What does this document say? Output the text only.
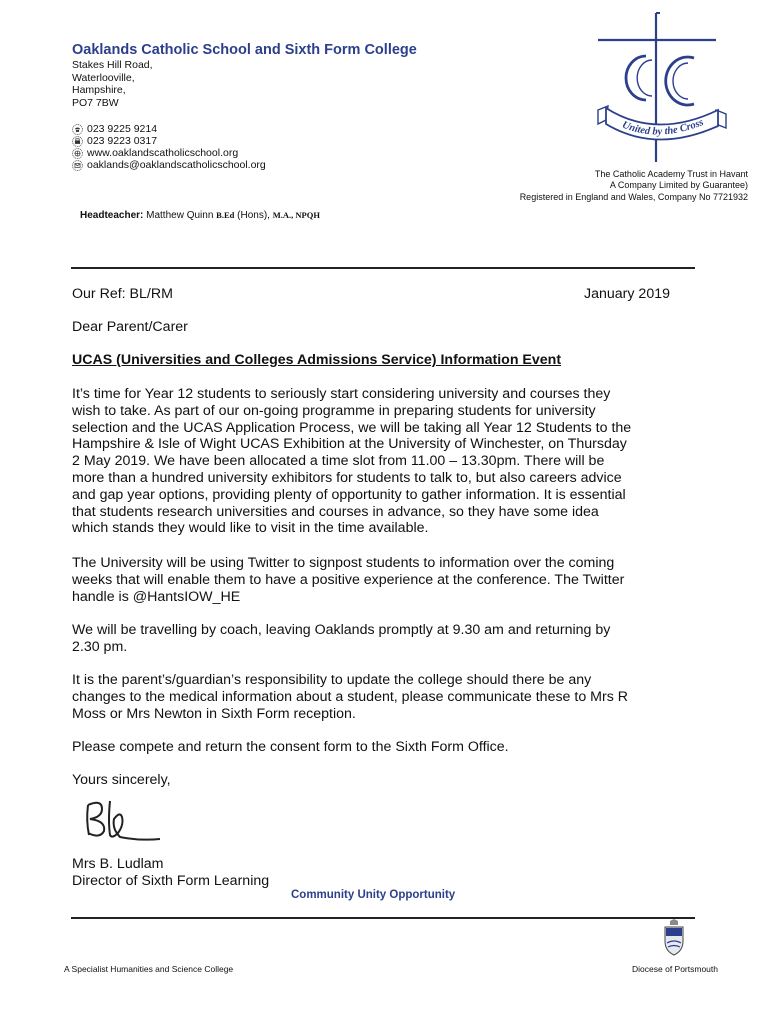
Oaklands Catholic School and Sixth Form College
Stakes Hill Road,
Waterlooville,
Hampshire,
PO7 7BW
023 9225 9214
023 9223 0317
www.oaklandscatholicschool.org
oaklands@oaklandscatholicschool.org
United by the Cross
The Catholic Academy Trust in Havant
A Company Limited by Guarantee)
Registered in England and Wales, Company No 7721932
Headteacher: Matthew Quinn B.Ed (Hons), M.A., NPQH
Our Ref: BL/RM	January 2019
Dear Parent/Carer
UCAS (Universities and Colleges Admissions Service) Information Event
It’s time for Year 12 students to seriously start considering university and courses they
wish to take. As part of our on-going programme in preparing students for university
selection and the UCAS Application Process, we will be taking all Year 12 Students to the
Hampshire & Isle of Wight UCAS Exhibition at the University of Winchester, on Thursday
2 May 2019. We have been allocated a time slot from 11.00 – 13.30pm. There will be
more than a hundred university exhibitors for students to talk to, but also careers advice
and gap year options, providing plenty of opportunity to gather information. It is essential
that students research universities and courses in advance, so they have some idea
which stands they would like to visit in the time available.
The University will be using Twitter to signpost students to information over the coming
weeks that will enable them to have a positive experience at the conference. The Twitter
handle is @HantsIOW_HE
We will be travelling by coach, leaving Oaklands promptly at 9.30 am and returning by
2.30 pm.
It is the parent’s/guardian’s responsibility to update the college should there be any
changes to the medical information about a student, please communicate these to Mrs R
Moss or Mrs Newton in Sixth Form reception.
Please compete and return the consent form to the Sixth Form Office.
Yours sincerely,
Mrs B. Ludlam
Director of Sixth Form Learning
Community Unity Opportunity
A Specialist Humanities and Science College	Diocese of Portsmouth
